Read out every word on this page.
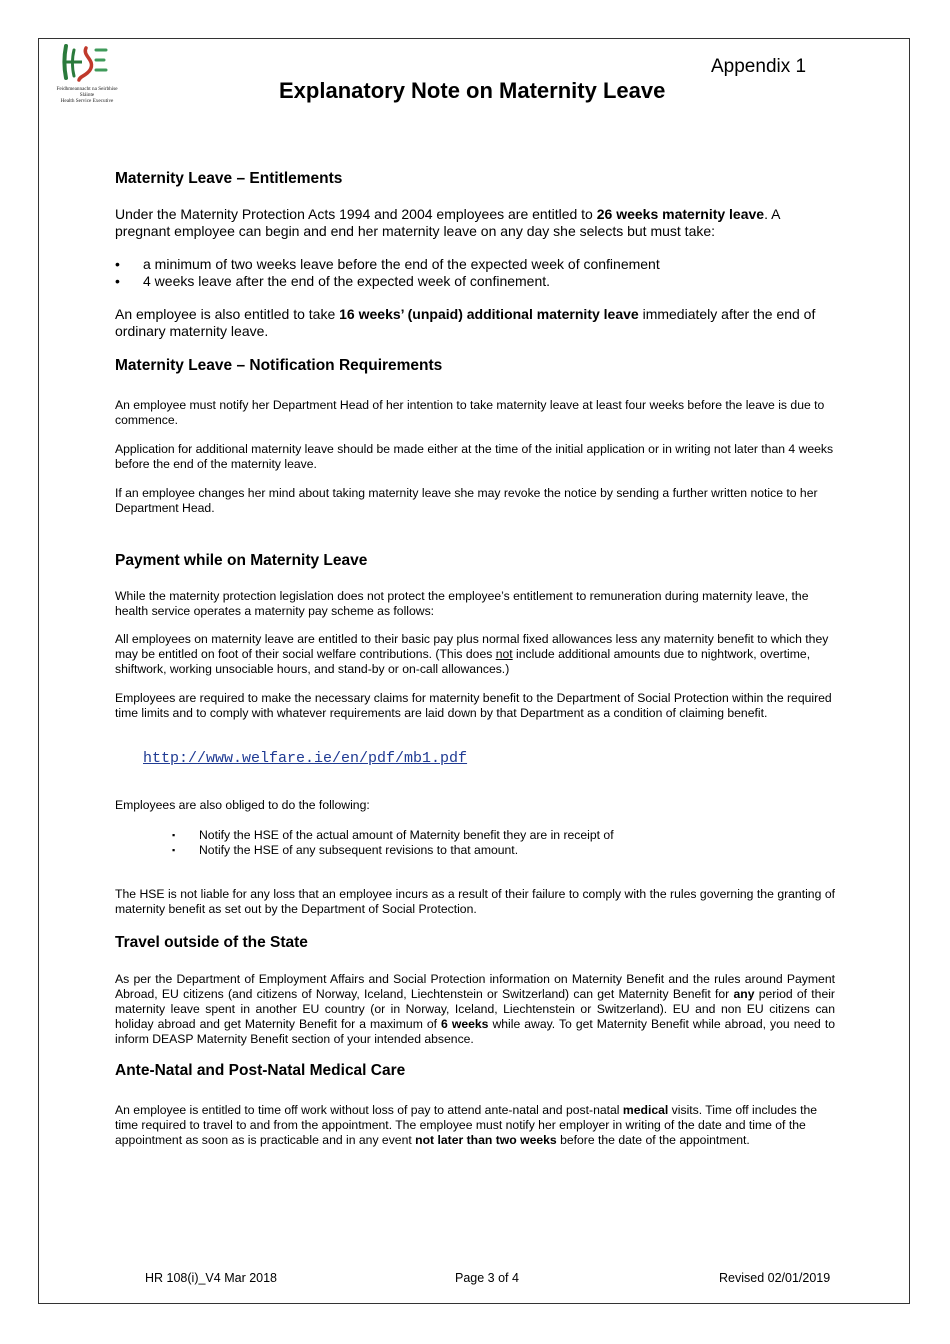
Feidhmeannacht na Seirbhíse Sláinte
Health Service Executive
Appendix 1
Explanatory Note on Maternity Leave
Maternity Leave – Entitlements
Under the Maternity Protection Acts 1994 and 2004 employees are entitled to 26 weeks maternity leave. A pregnant employee can begin and end her maternity leave on any day she selects but must take:
•	a minimum of two weeks leave before the end of the expected week of confinement
•	4 weeks leave after the end of the expected week of confinement.
An employee is also entitled to take 16 weeks’ (unpaid) additional maternity leave immediately after the end of ordinary maternity leave.
Maternity Leave – Notification Requirements
An employee must notify her Department Head of her intention to take maternity leave at least four weeks before the leave is due to commence.
Application for additional maternity leave should be made either at the time of the initial application or in writing not later than 4 weeks before the end of the maternity leave.
If an employee changes her mind about taking maternity leave she may revoke the notice by sending a further written notice to her Department Head.
Payment while on Maternity Leave
While the maternity protection legislation does not protect the employee’s entitlement to remuneration during maternity leave, the health service operates a maternity pay scheme as follows:
All employees on maternity leave are entitled to their basic pay plus normal fixed allowances less any maternity benefit to which they may be entitled on foot of their social welfare contributions. (This does not include additional amounts due to nightwork, overtime, shiftwork, working unsociable hours, and stand-by or on-call allowances.)
Employees are required to make the necessary claims for maternity benefit to the Department of Social Protection within the required time limits and to comply with whatever requirements are laid down by that Department as a condition of claiming benefit.
http://www.welfare.ie/en/pdf/mb1.pdf
Employees are also obliged to do the following:
▪	Notify the HSE of the actual amount of Maternity benefit they are in receipt of
▪	Notify the HSE of any subsequent revisions to that amount.
The HSE is not liable for any loss that an employee incurs as a result of their failure to comply with the rules governing the granting of maternity benefit as set out by the Department of Social Protection.
Travel outside of the State
As per the Department of Employment Affairs and Social Protection information on Maternity Benefit and the rules around Payment Abroad, EU citizens (and citizens of Norway, Iceland, Liechtenstein or Switzerland) can get Maternity Benefit for any period of their maternity leave spent in another EU country (or in Norway, Iceland, Liechtenstein or Switzerland). EU and non EU citizens can holiday abroad and get Maternity Benefit for a maximum of 6 weeks while away. To get Maternity Benefit while abroad, you need to inform DEASP Maternity Benefit section of your intended absence.
Ante-Natal and Post-Natal Medical Care
An employee is entitled to time off work without loss of pay to attend ante-natal and post-natal medical visits. Time off includes the time required to travel to and from the appointment. The employee must notify her employer in writing of the date and time of the appointment as soon as is practicable and in any event not later than two weeks before the date of the appointment.
HR 108(i)_V4 Mar 2018	Page 3 of 4	Revised 02/01/2019
